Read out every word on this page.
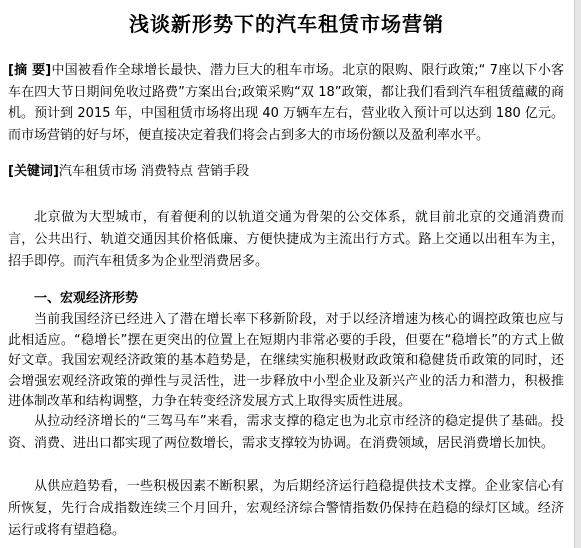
浅谈新形势下的汽车租赁市场营销
[摘 要]中国被看作全球增长最快、潜力巨大的租车市场。北京的限购、限行政策;“ 7座以下小客车在四大节日期间免收过路费”方案出台;政策采购“双 18”政策，都让我们看到汽车租赁蕴藏的商机。预计到 2015 年，中国租赁市场将出现 40 万辆车左右，营业收入预计可以达到 180 亿元。而市场营销的好与坏，便直接决定着我们将会占到多大的市场份额以及盈利率水平。
[关键词]汽车租赁市场 消费特点 营销手段
北京做为大型城市，有着便利的以轨道交通为骨架的公交体系，就目前北京的交通消费而言，公共出行、轨道交通因其价格低廉、方便快捷成为主流出行方式。路上交通以出租车为主，招手即停。而汽车租赁多为企业型消费居多。
一、宏观经济形势
当前我国经济已经进入了潜在增长率下移新阶段，对于以经济增速为核心的调控政策也应与此相适应。“稳增长”摆在更突出的位置上在短期内非常必要的手段，但要在“稳增长”的方式上做好文章。我国宏观经济政策的基本趋势是，在继续实施积极财政政策和稳健货币政策的同时，还会增强宏观经济政策的弹性与灵活性，进一步释放中小型企业及新兴产业的活力和潜力，积极推进体制改革和结构调整，力争在转变经济发展方式上取得实质性进展。
从拉动经济增长的“三驾马车”来看，需求支撑的稳定也为北京市经济的稳定提供了基础。投资、消费、进出口都实现了两位数增长，需求支撑较为协调。在消费领域，居民消费增长加快。
从供应趋势看，一些积极因素不断积累，为后期经济运行趋稳提供技术支撑。企业家信心有所恢复，先行合成指数连续三个月回升，宏观经济综合警情指数仍保持在趋稳的绿灯区域。经济运行或将有望趋稳。
